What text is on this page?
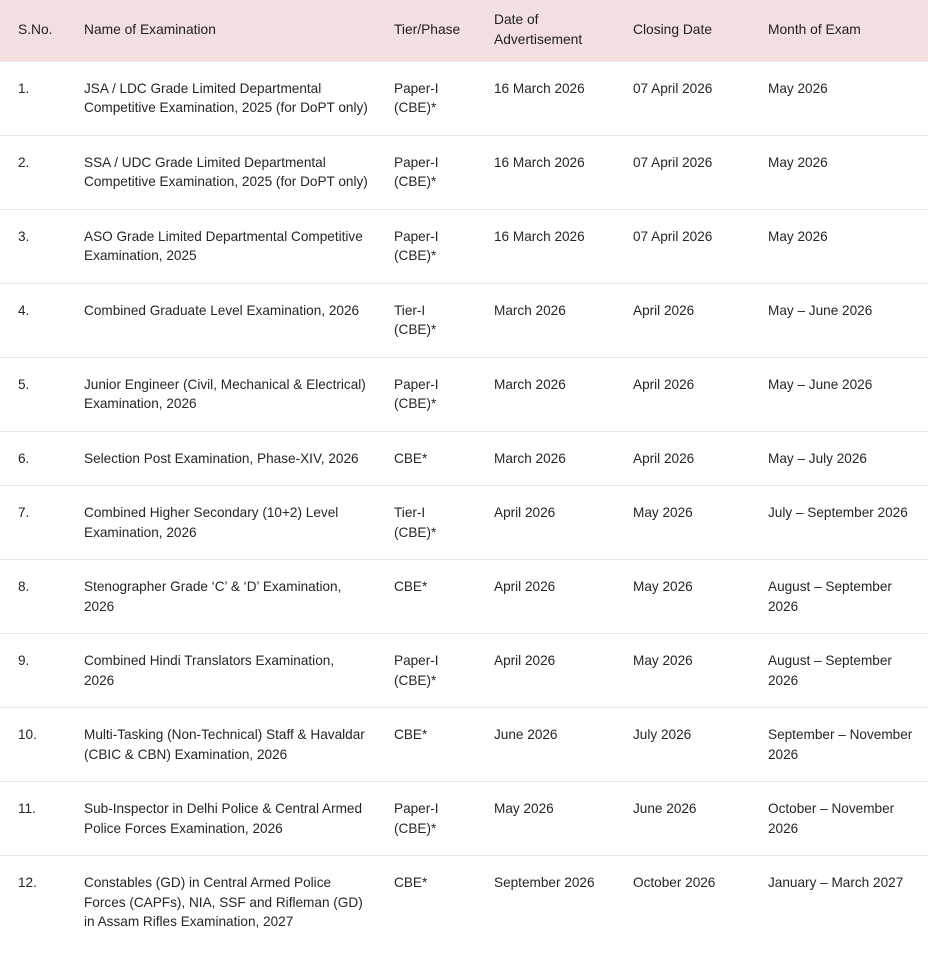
S.No.	Name of Examination	Tier/Phase	Date of Advertisement	Closing Date	Month of Exam
1.	JSA / LDC Grade Limited Departmental Competitive Examination, 2025 (for DoPT only)	Paper-I (CBE)*	16 March 2026	07 April 2026	May 2026
2.	SSA / UDC Grade Limited Departmental Competitive Examination, 2025 (for DoPT only)	Paper-I (CBE)*	16 March 2026	07 April 2026	May 2026
3.	ASO Grade Limited Departmental Competitive Examination, 2025	Paper-I (CBE)*	16 March 2026	07 April 2026	May 2026
4.	Combined Graduate Level Examination, 2026	Tier-I (CBE)*	March 2026	April 2026	May – June 2026
5.	Junior Engineer (Civil, Mechanical & Electrical) Examination, 2026	Paper-I (CBE)*	March 2026	April 2026	May – June 2026
6.	Selection Post Examination, Phase-XIV, 2026	CBE*	March 2026	April 2026	May – July 2026
7.	Combined Higher Secondary (10+2) Level Examination, 2026	Tier-I (CBE)*	April 2026	May 2026	July – September 2026
8.	Stenographer Grade ‘C’ & ‘D’ Examination, 2026	CBE*	April 2026	May 2026	August – September 2026
9.	Combined Hindi Translators Examination, 2026	Paper-I (CBE)*	April 2026	May 2026	August – September 2026
10.	Multi-Tasking (Non-Technical) Staff & Havaldar (CBIC & CBN) Examination, 2026	CBE*	June 2026	July 2026	September – November 2026
11.	Sub-Inspector in Delhi Police & Central Armed Police Forces Examination, 2026	Paper-I (CBE)*	May 2026	June 2026	October – November 2026
12.	Constables (GD) in Central Armed Police Forces (CAPFs), NIA, SSF and Rifleman (GD) in Assam Rifles Examination, 2027	CBE*	September 2026	October 2026	January – March 2027
